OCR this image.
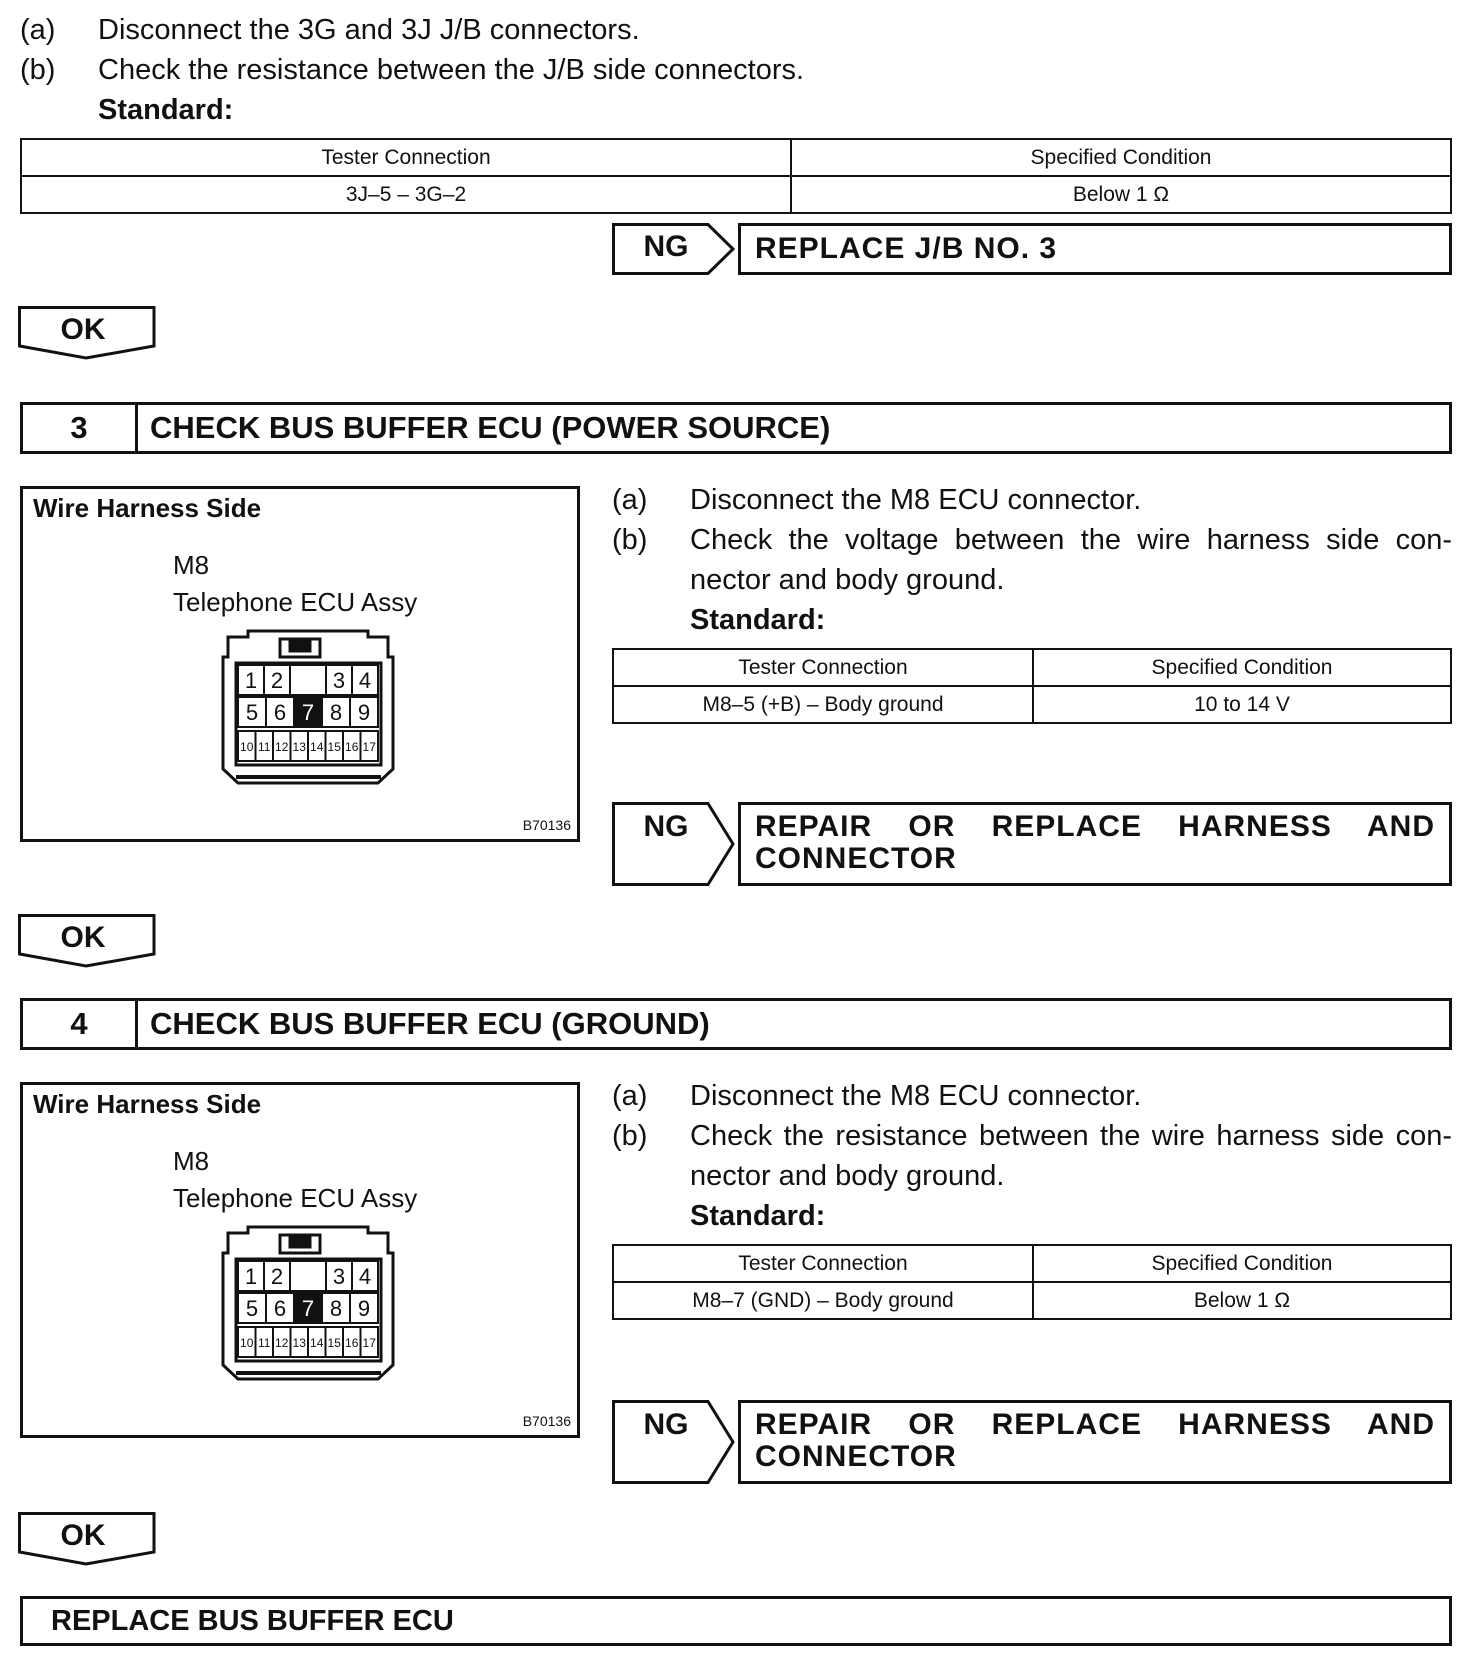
(a)	Disconnect the 3G and 3J J/B connectors.
(b)	Check the resistance between the J/B side connectors.
Standard:
Tester Connection	Specified Condition
3J–5 – 3G–2	Below 1 Ω
NG	REPLACE J/B NO. 3
OK
3	CHECK BUS BUFFER ECU (POWER SOURCE)
Wire Harness Side
M8
Telephone ECU Assy
1 2 3 4
5 6 7 8 9
10 11 12 13 14 15 16 17
B70136
(a)	Disconnect the M8 ECU connector.
(b)	Check the voltage between the wire harness side con-
nector and body ground.
Standard:
Tester Connection	Specified Condition
M8–5 (+B) – Body ground	10 to 14 V
NG	REPAIR OR REPLACE HARNESS AND
CONNECTOR
OK
4	CHECK BUS BUFFER ECU (GROUND)
Wire Harness Side
M8
Telephone ECU Assy
1 2 3 4
5 6 7 8 9
10 11 12 13 14 15 16 17
B70136
(a)	Disconnect the M8 ECU connector.
(b)	Check the resistance between the wire harness side con-
nector and body ground.
Standard:
Tester Connection	Specified Condition
M8–7 (GND) – Body ground	Below 1 Ω
NG	REPAIR OR REPLACE HARNESS AND
CONNECTOR
OK
REPLACE BUS BUFFER ECU
